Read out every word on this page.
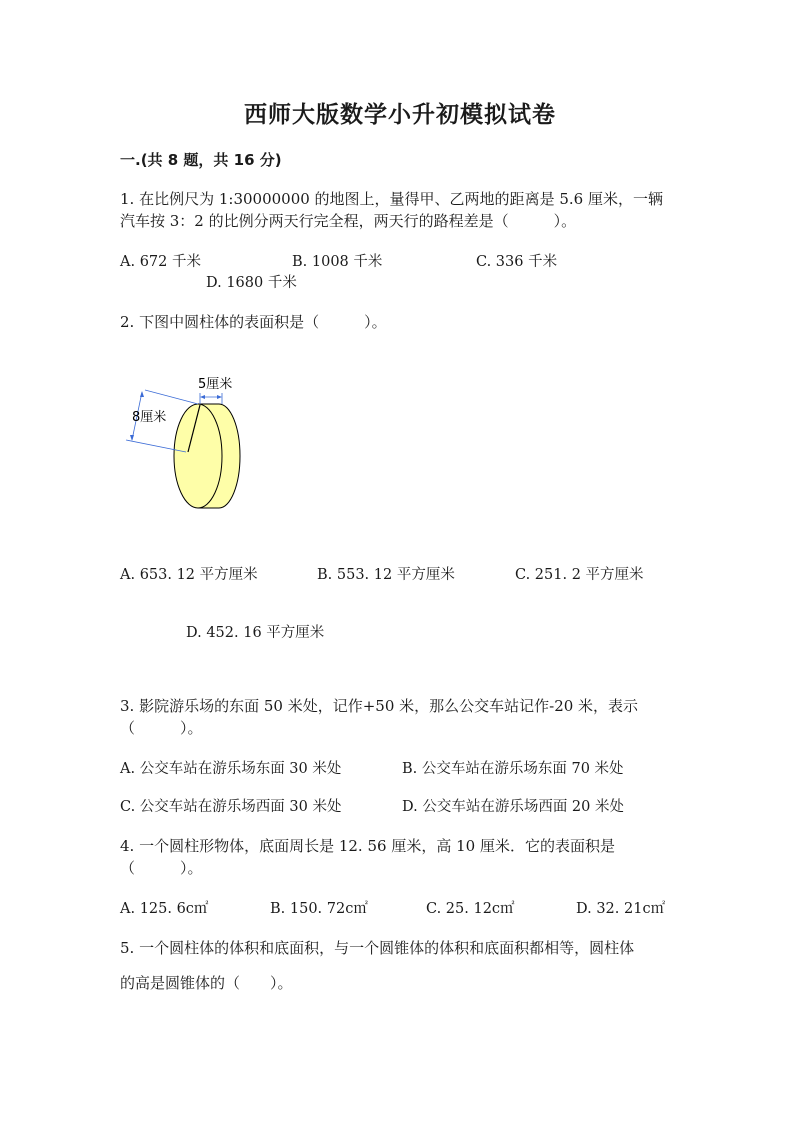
西师大版数学小升初模拟试卷
一.(共 8 题，共 16 分)
1. 在比例尺为 1:30000000 的地图上，量得甲、乙两地的距离是 5.6 厘米，一辆
汽车按 3：2 的比例分两天行完全程，两天行的路程差是（　　　）。
A. 672 千米	B. 1008 千米	C. 336 千米
D. 1680 千米
2. 下图中圆柱体的表面积是（　　　）。
5厘米
8厘米
A. 653. 12 平方厘米	B. 553. 12 平方厘米	C. 251. 2 平方厘米
D. 452. 16 平方厘米
3. 影院游乐场的东面 50 米处，记作+50 米，那么公交车站记作-20 米，表示
（　　　）。
A. 公交车站在游乐场东面 30 米处	B. 公交车站在游乐场东面 70 米处
C. 公交车站在游乐场西面 30 米处	D. 公交车站在游乐场西面 20 米处
4. 一个圆柱形物体，底面周长是 12. 56 厘米，高 10 厘米．它的表面积是
（　　　）。
A. 125. 6c㎡	B. 150. 72c㎡	C. 25. 12c㎡	D. 32. 21c㎡
5. 一个圆柱体的体积和底面积，与一个圆锥体的体积和底面积都相等，圆柱体
的高是圆锥体的（　　）。
